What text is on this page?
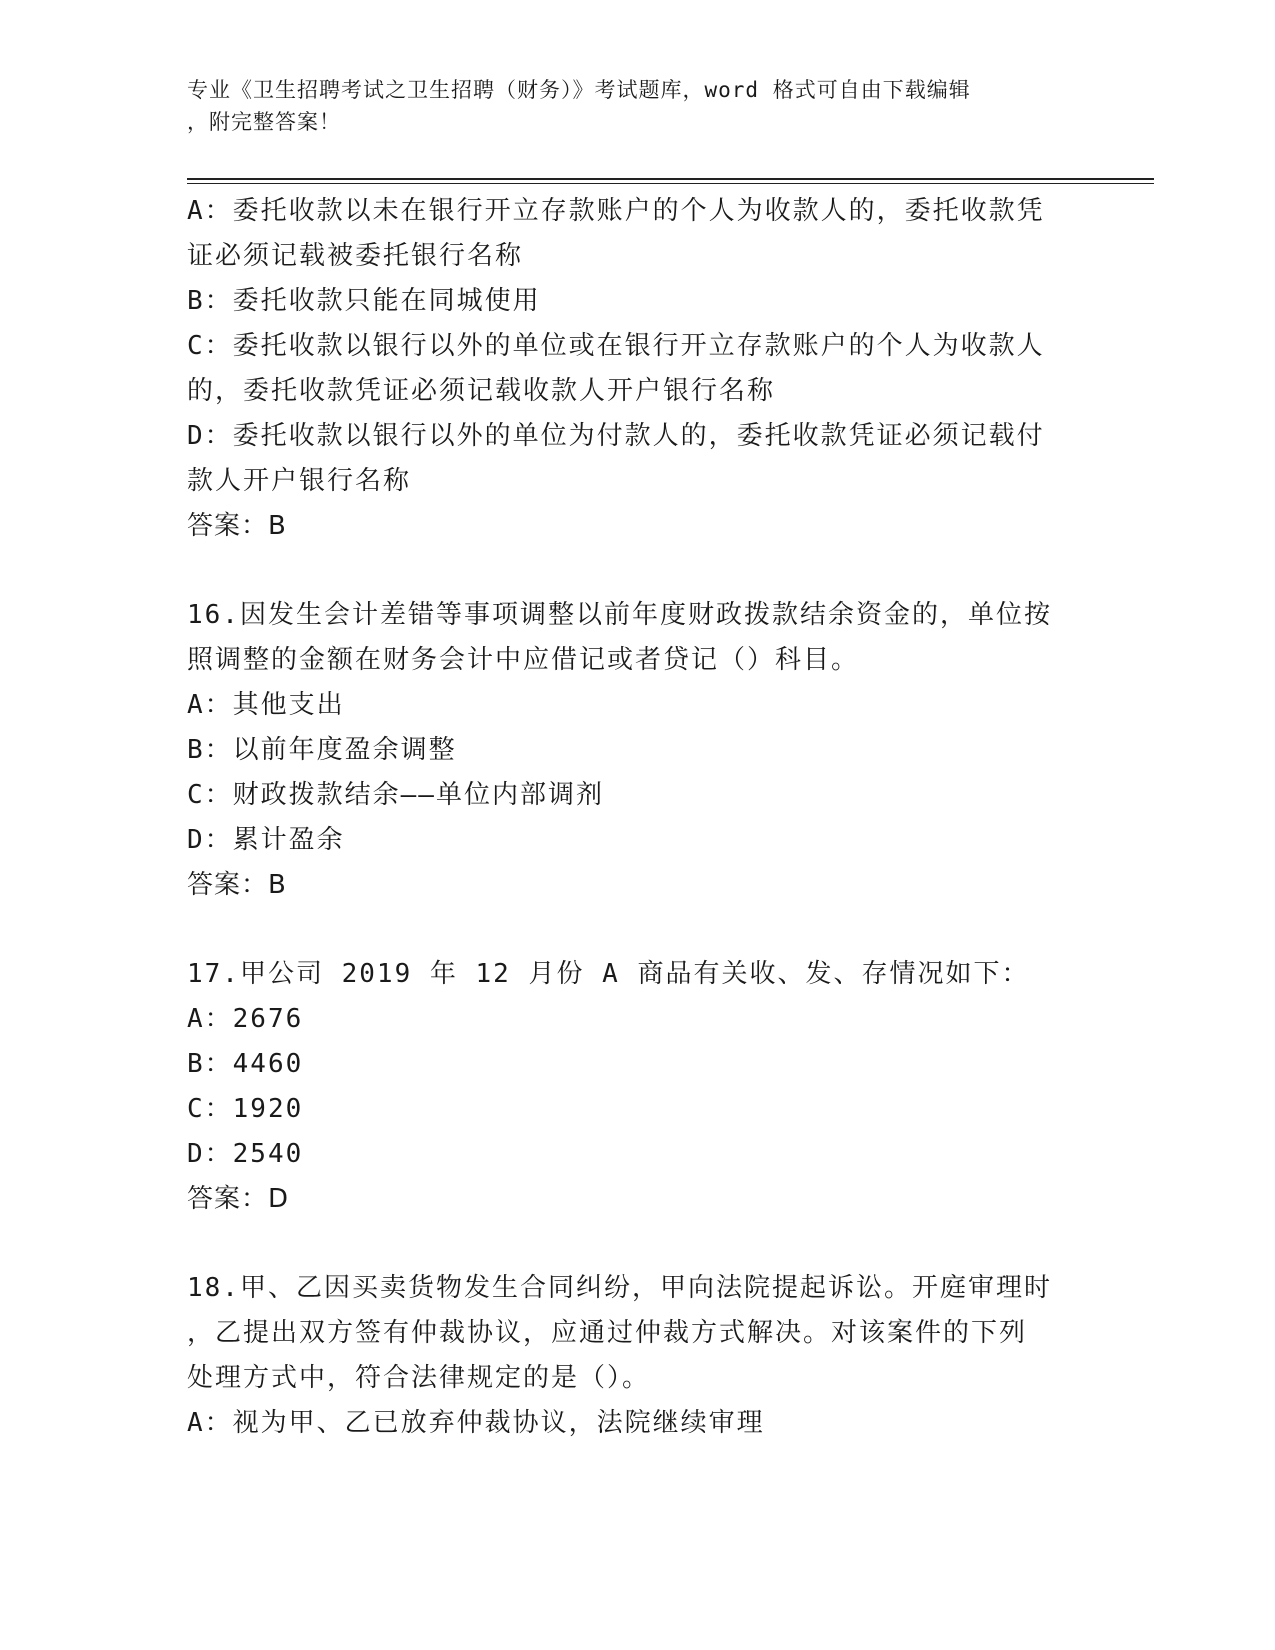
专业《卫生招聘考试之卫生招聘（财务）》考试题库，word 格式可自由下载编辑
，附完整答案！
A：委托收款以未在银行开立存款账户的个人为收款人的，委托收款凭
证必须记载被委托银行名称
B：委托收款只能在同城使用
C：委托收款以银行以外的单位或在银行开立存款账户的个人为收款人
的，委托收款凭证必须记载收款人开户银行名称
D：委托收款以银行以外的单位为付款人的，委托收款凭证必须记载付
款人开户银行名称
答案：B
16.因发生会计差错等事项调整以前年度财政拨款结余资金的，单位按
照调整的金额在财务会计中应借记或者贷记（）科目。
A：其他支出
B：以前年度盈余调整
C：财政拨款结余——单位内部调剂
D：累计盈余
答案：B
17.甲公司 2019 年 12 月份 A 商品有关收、发、存情况如下：
A：2676
B：4460
C：1920
D：2540
答案：D
18.甲、乙因买卖货物发生合同纠纷，甲向法院提起诉讼。开庭审理时
，乙提出双方签有仲裁协议，应通过仲裁方式解决。对该案件的下列
处理方式中，符合法律规定的是（）。
A：视为甲、乙已放弃仲裁协议，法院继续审理
